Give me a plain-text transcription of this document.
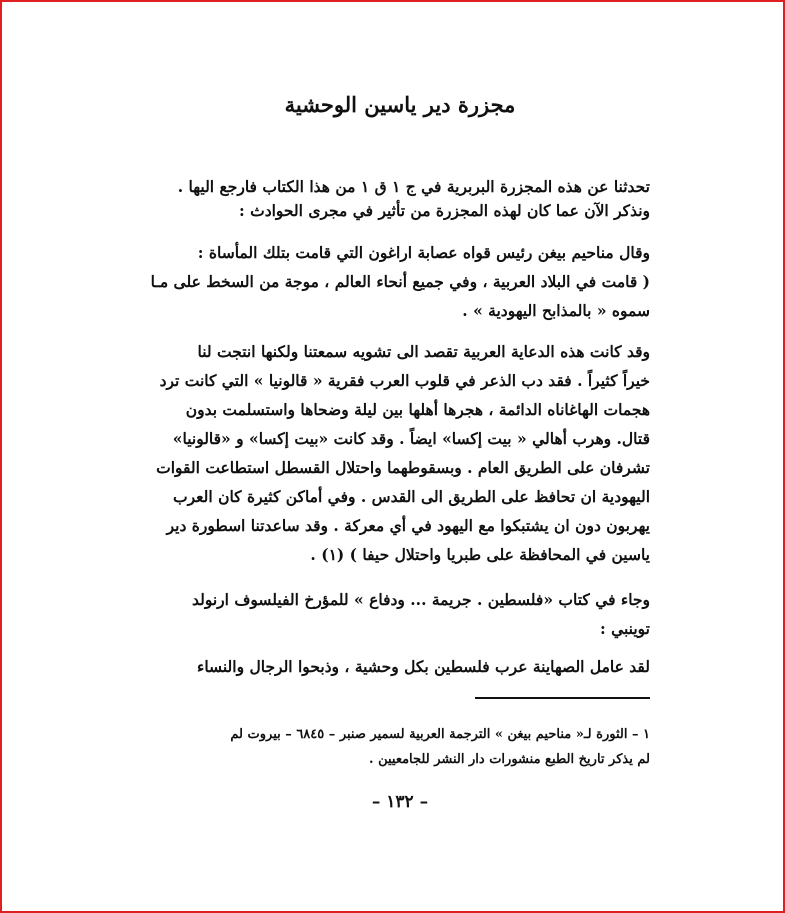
مجزرة دير ياسين الوحشية

تحدثنا عن هذه المجزرة البربرية في ج ١ ق ١ من هذا الكتاب فارجع اليها .
ونذكر الآن عما كان لهذه المجزرة من تأثير في مجرى الحوادث :

وقال مناحيم بيغن رئيس قواه عصابة اراغون التي قامت بتلك المأساة :
( قامت في البلاد العربية ، وفي جميع أنحاء العالم ، موجة من السخط على مـا
سموه « بالمذابح اليهودية » .

وقد كانت هذه الدعاية العربية تقصد الى تشويه سمعتنا ولكنها انتجت لنا
خيراً كثيراً . فقد دب الذعر في قلوب العرب فقرية « قالونيا » التي كانت ترد
هجمات الهاغاناه الدائمة ، هجرها أهلها بين ليلة وضحاها واستسلمت بدون
قتال. وهرب أهالي « بيت إكسا» ايضاً . وقد كانت «بيت إكسا» و «قالونيا»
تشرفان على الطريق العام . وبسقوطهما واحتلال القسطل استطاعت القوات
اليهودية ان تحافظ على الطريق الى القدس . وفي أماكن كثيرة كان العرب
يهربون دون ان يشتبكوا مع اليهود في أي معركة . وقد ساعدتنا اسطورة دير
ياسين في المحافظة على طبريا واحتلال حيفا ) (١) .

وجاء في كتاب «فلسطين . جريمة ... ودفاع » للمؤرخ الفيلسوف ارنولد
توينبي :

لقد عامل الصهاينة عرب فلسطين بكل وحشية ، وذبحوا الرجال والنساء

١ – الثورة لـ« مناحيم بيغن » الترجمة العربية لسمير صنبر – ٦٨٤٥ – بيروت لم
لم يذكر تاريخ الطبع منشورات دار النشر للجامعيين .

– ١٣٢ –
